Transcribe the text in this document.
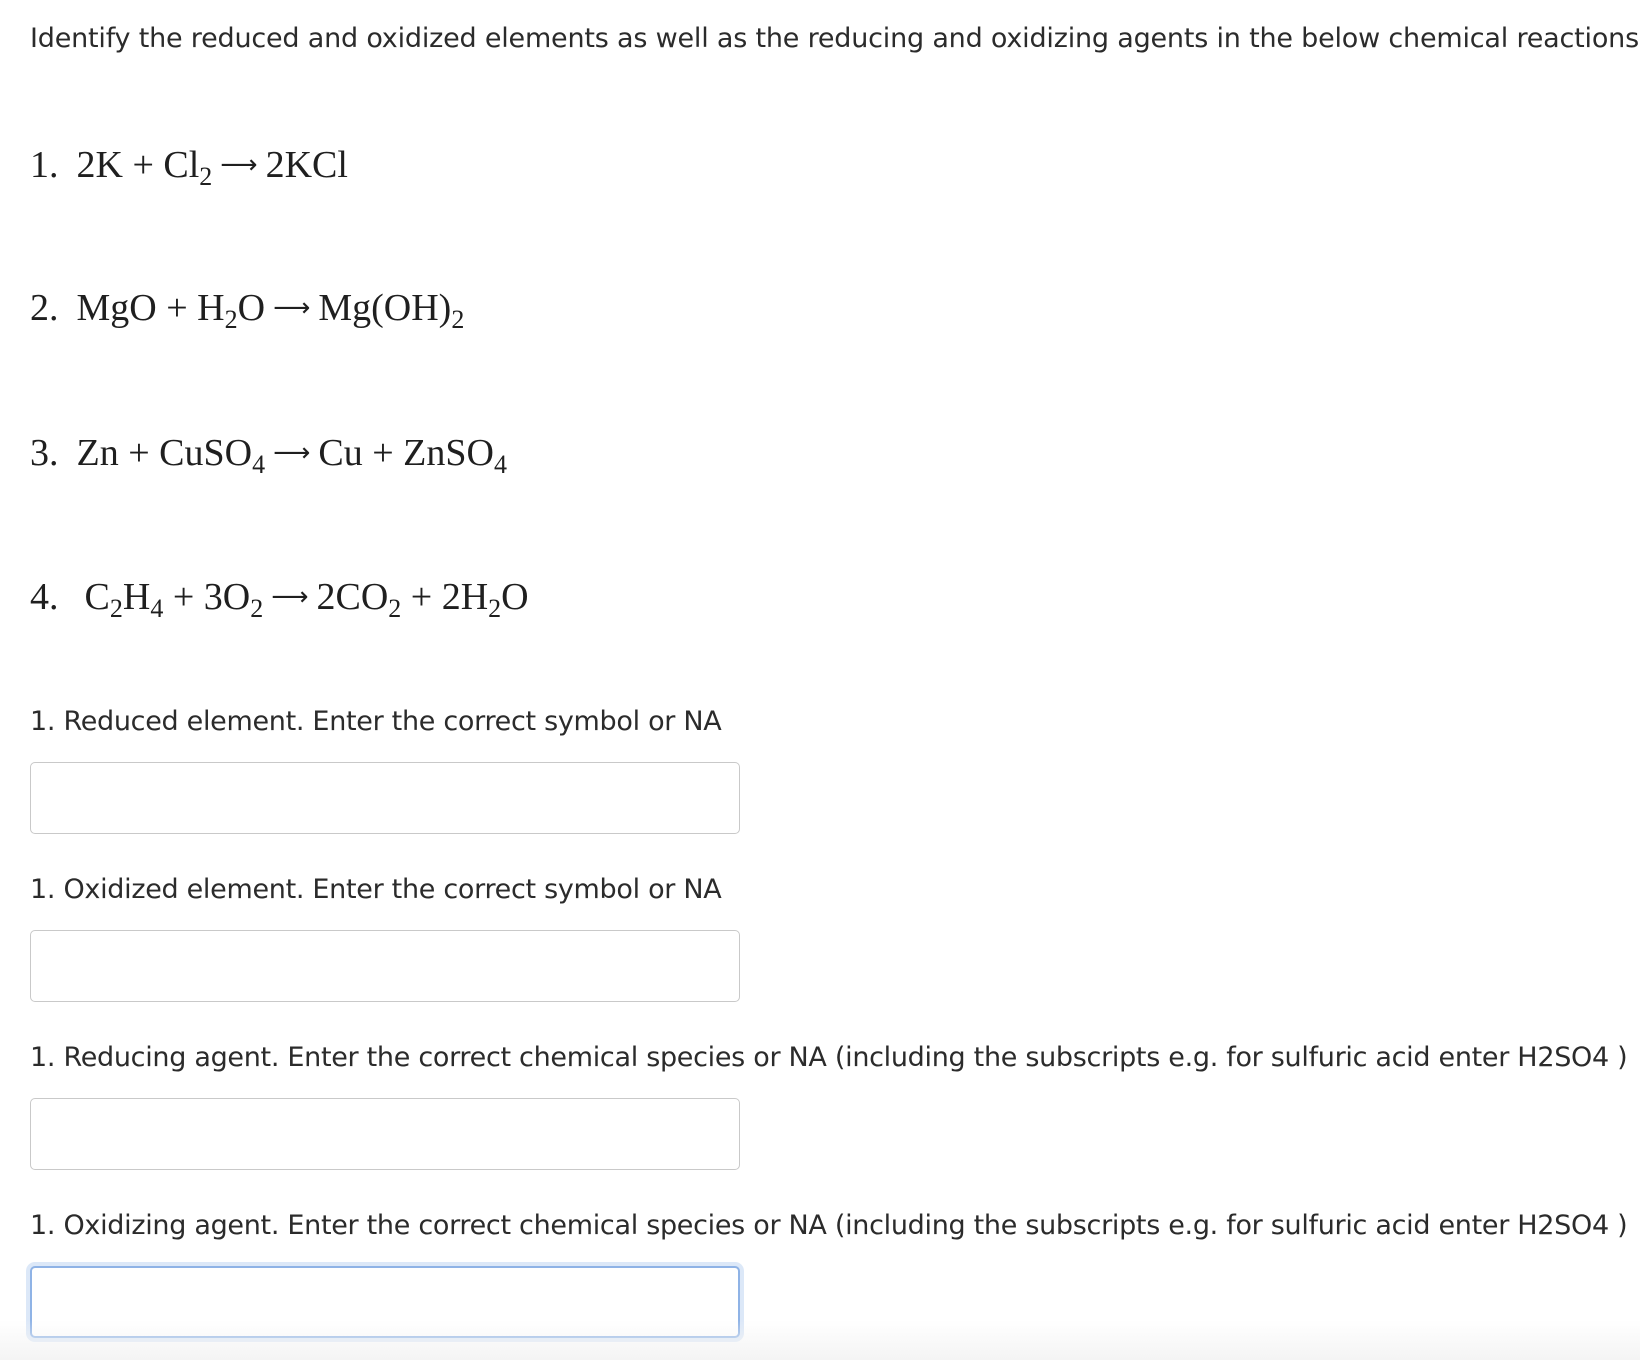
Identify the reduced and oxidized elements as well as the reducing and oxidizing agents in the below chemical reactions
1. $2K + Cl_2$ ⟶ 2KCl
2. MgO + $H_2O$ ⟶ $Mg(OH)_2$
3. Zn + CuSO$_4$ ⟶ Cu + ZnSO$_4$
4. $C_2H_4 + 3O_2$ ⟶ $2CO_2 + 2H_2O$
1. Reduced element. Enter the correct symbol or NA
1. Oxidized element. Enter the correct symbol or NA
1. Reducing agent. Enter the correct chemical species or NA (including the subscripts e.g. for sulfuric acid enter H2SO4 )
1. Oxidizing agent. Enter the correct chemical species or NA (including the subscripts e.g. for sulfuric acid enter H2SO4 )
